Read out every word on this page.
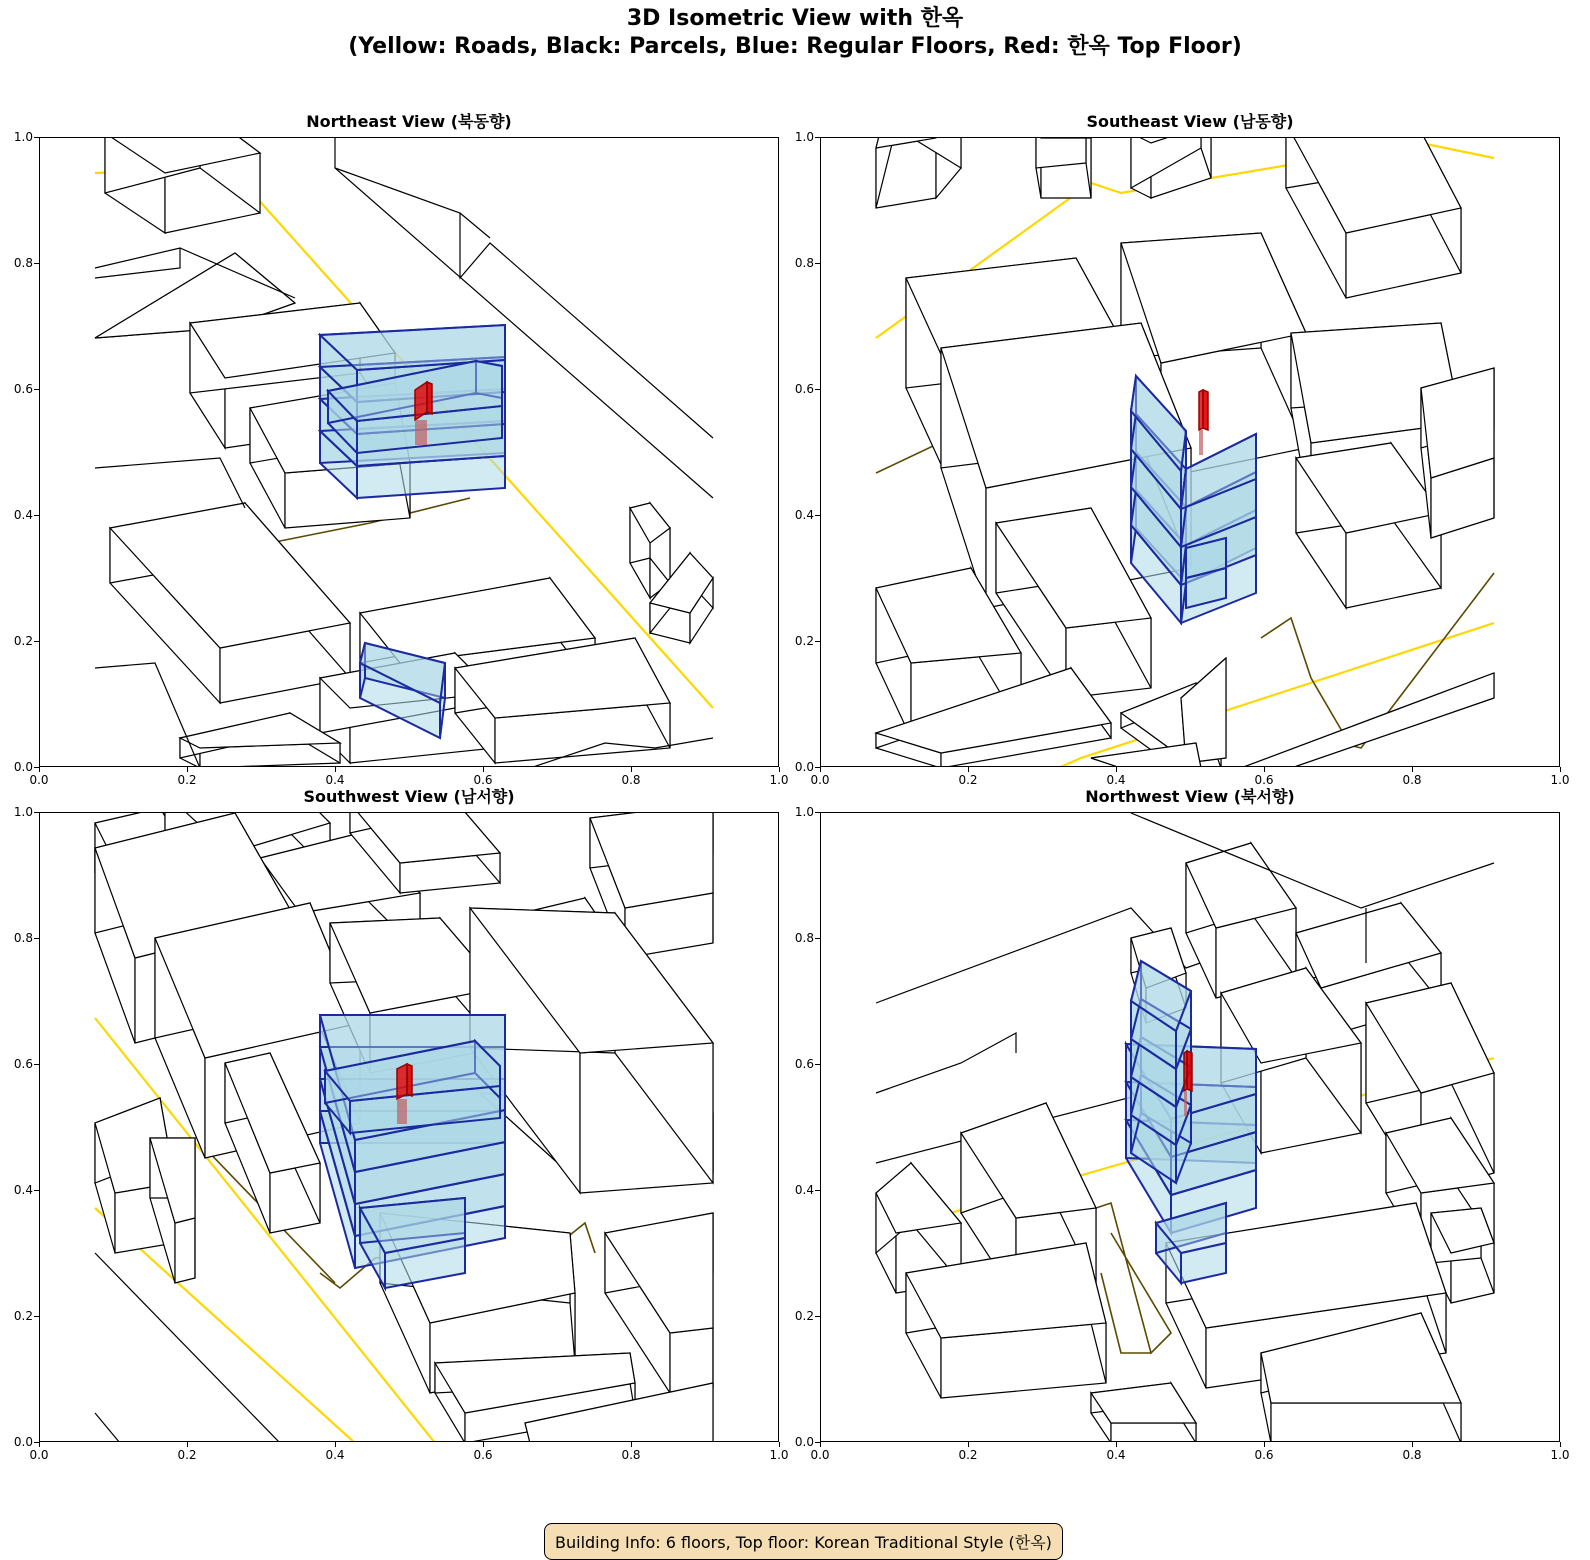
3D Isometric View with 한옥
(Yellow: Roads, Black: Parcels, Blue: Regular Floors, Red: 한옥 Top Floor)
Northeast View (북동향)
0.0	0.2	0.4	0.6	0.8	1.0
1.0
0.8
0.6
0.4
0.2
0.0
Southeast View (남동향)
0.0	0.2	0.4	0.6	0.8	1.0
1.0
0.8
0.6
0.4
0.2
0.0
Southwest View (남서향)
0.0	0.2	0.4	0.6	0.8	1.0
1.0
0.8
0.6
0.4
0.2
0.0
Northwest View (북서향)
0.0	0.2	0.4	0.6	0.8	1.0
1.0
0.8
0.6
0.4
0.2
0.0
Building Info: 6 floors, Top floor: Korean Traditional Style (한옥)
